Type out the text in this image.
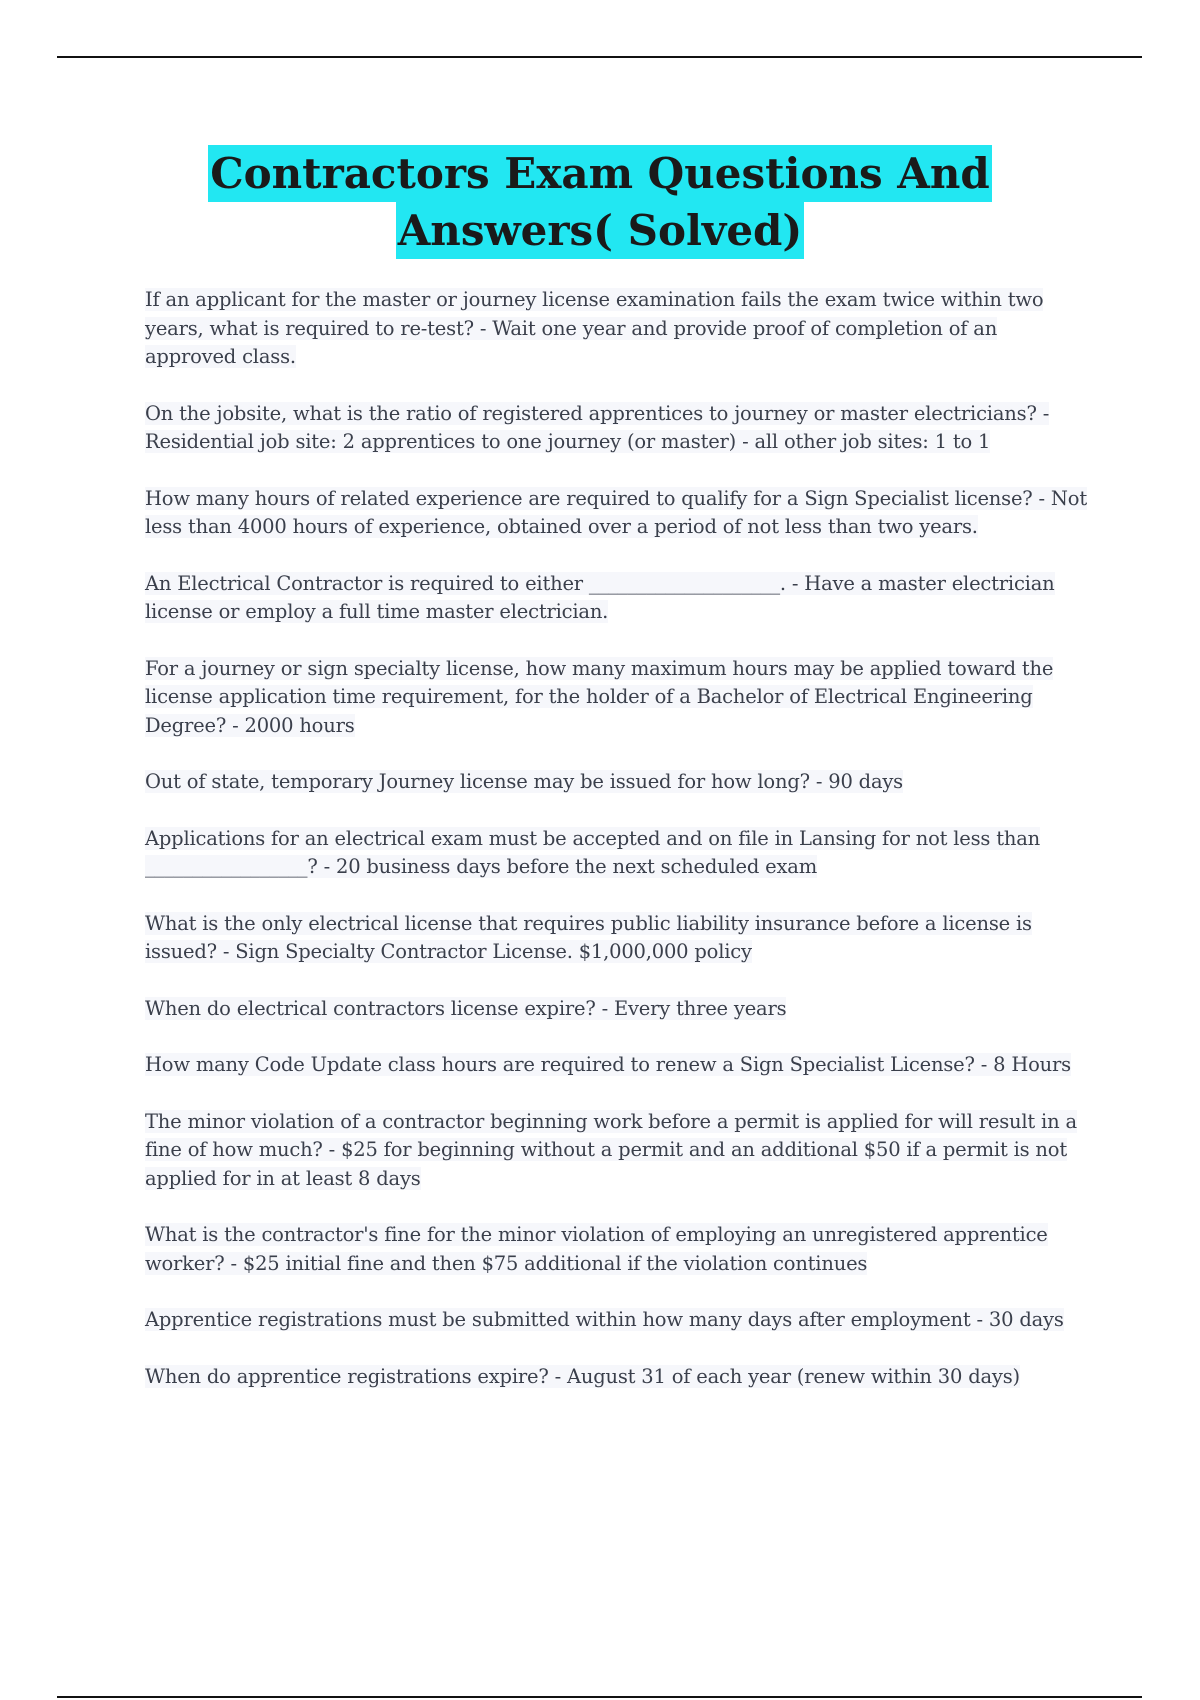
Contractors Exam Questions And
Answers( Solved)

If an applicant for the master or journey license examination fails the exam twice within two years, what is required to re-test? - Wait one year and provide proof of completion of an approved class.

On the jobsite, what is the ratio of registered apprentices to journey or master electricians? - Residential job site: 2 apprentices to one journey (or master) - all other job sites: 1 to 1

How many hours of related experience are required to qualify for a Sign Specialist license? - Not less than 4000 hours of experience, obtained over a period of not less than two years.

An Electrical Contractor is required to either ____________________. - Have a master electrician license or employ a full time master electrician.

For a journey or sign specialty license, how many maximum hours may be applied toward the license application time requirement, for the holder of a Bachelor of Electrical Engineering Degree? - 2000 hours

Out of state, temporary Journey license may be issued for how long? - 90 days

Applications for an electrical exam must be accepted and on file in Lansing for not less than _________________? - 20 business days before the next scheduled exam

What is the only electrical license that requires public liability insurance before a license is issued? - Sign Specialty Contractor License. $1,000,000 policy

When do electrical contractors license expire? - Every three years

How many Code Update class hours are required to renew a Sign Specialist License? - 8 Hours

The minor violation of a contractor beginning work before a permit is applied for will result in a fine of how much? - $25 for beginning without a permit and an additional $50 if a permit is not applied for in at least 8 days

What is the contractor's fine for the minor violation of employing an unregistered apprentice worker? - $25 initial fine and then $75 additional if the violation continues

Apprentice registrations must be submitted within how many days after employment - 30 days

When do apprentice registrations expire? - August 31 of each year (renew within 30 days)
